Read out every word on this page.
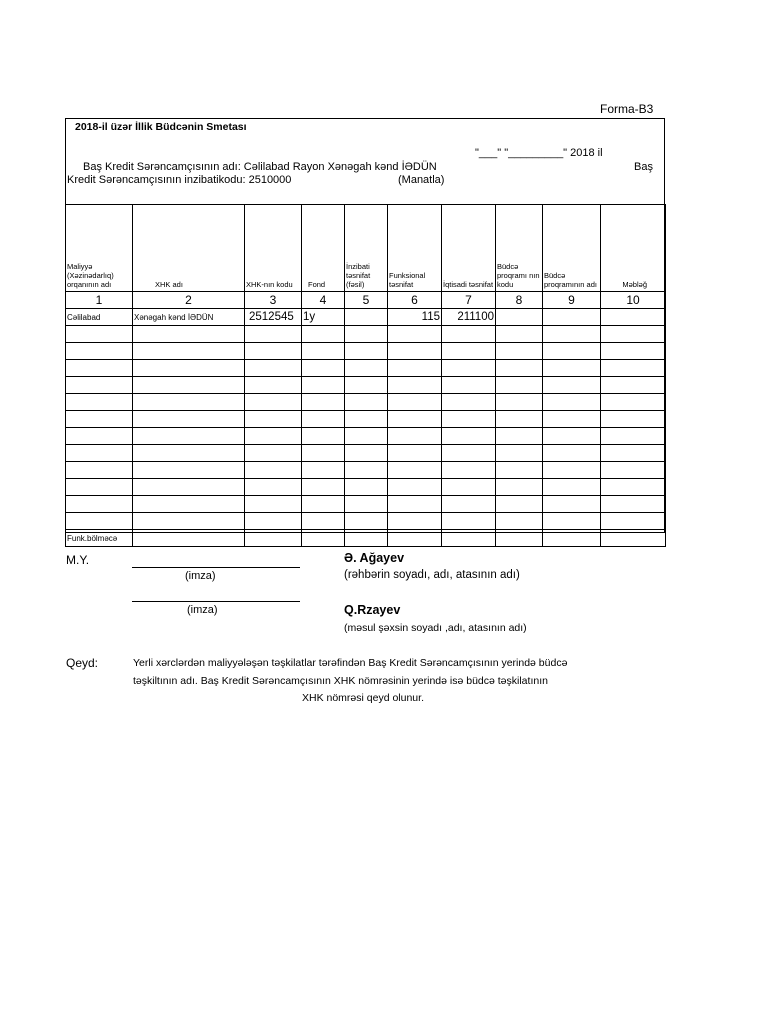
Forma-B3
2018-il üzər İllik Büdcənin Smetası
"___" "_________" 2018 il
Baş Kredit Sərəncamçısının adı: Cəlilabad Rayon Xənəgah kənd İƏDÜN	Baş
Kredit Sərəncamçısının inzibatikodu: 2510000	(Manatla)
Maliyyə (Xəzinədarlıq) orqanının adı	XHK adı	XHK-nın kodu	Fond	İnzibati təsnifat (fəsil)	Funksional təsnifat	İqtisadi təsnifat	Büdcə proqramı nın kodu	Büdcə proqramının adı	Məbləğ
1	2	3	4	5	6	7	8	9	10
Cəlilabad	Xənəgah kənd İƏDÜN	2512545	1y		115	211100			

Funk.bölməcə									
M.Y.
(imza)
(imza)
Ə. Ağayev
(rəhbərin soyadı, adı, atasının adı)
Q.Rzayev
(məsul şəxsin soyadı ,adı, atasının adı)
Qeyd:	Yerli xərclərdən maliyyələşən təşkilatlar tərəfindən Baş Kredit Sərəncamçısının yerində büdcə
təşkiltının adı. Baş Kredit Sərəncamçısının XHK nömrəsinin yerində isə büdcə təşkilatının
XHK nömrəsi qeyd olunur.
